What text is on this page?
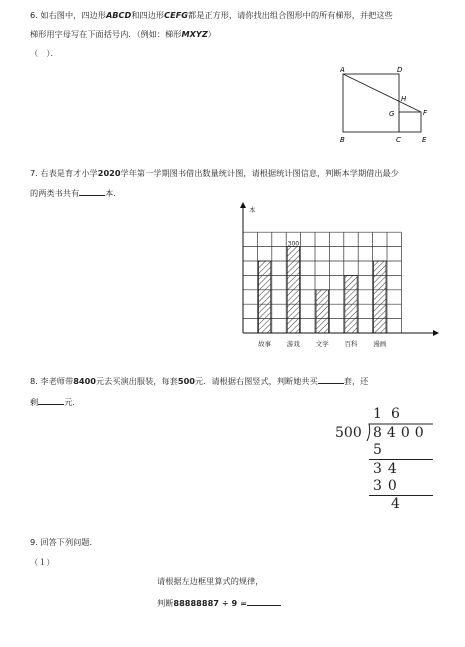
6. 如右图中，四边形ABCD和四边形CEFG都是正方形，请你找出组合图形中的所有梯形，并把这些
梯形用字母写在下面括号内．（例如：梯形MXYZ）
（　）．
A	D
H
F
G
B	C	E
7. 右表是育才小学2020学年第一学期图书借出数量统计图，请根据统计图信息，判断本学期借出最少
的两类书共有	本．
故事
300
游戏 文学 百科 漫画
本
8. 李老师带8400元去买演出服装，每套500元．请根据右图竖式，判断她共买	套，还
剩	元．
1 6
500 8400
5
34
30
4
9. 回答下列问题．
（１）
请根据左边框里算式的规律，
判断88888887 ÷ 9 =
